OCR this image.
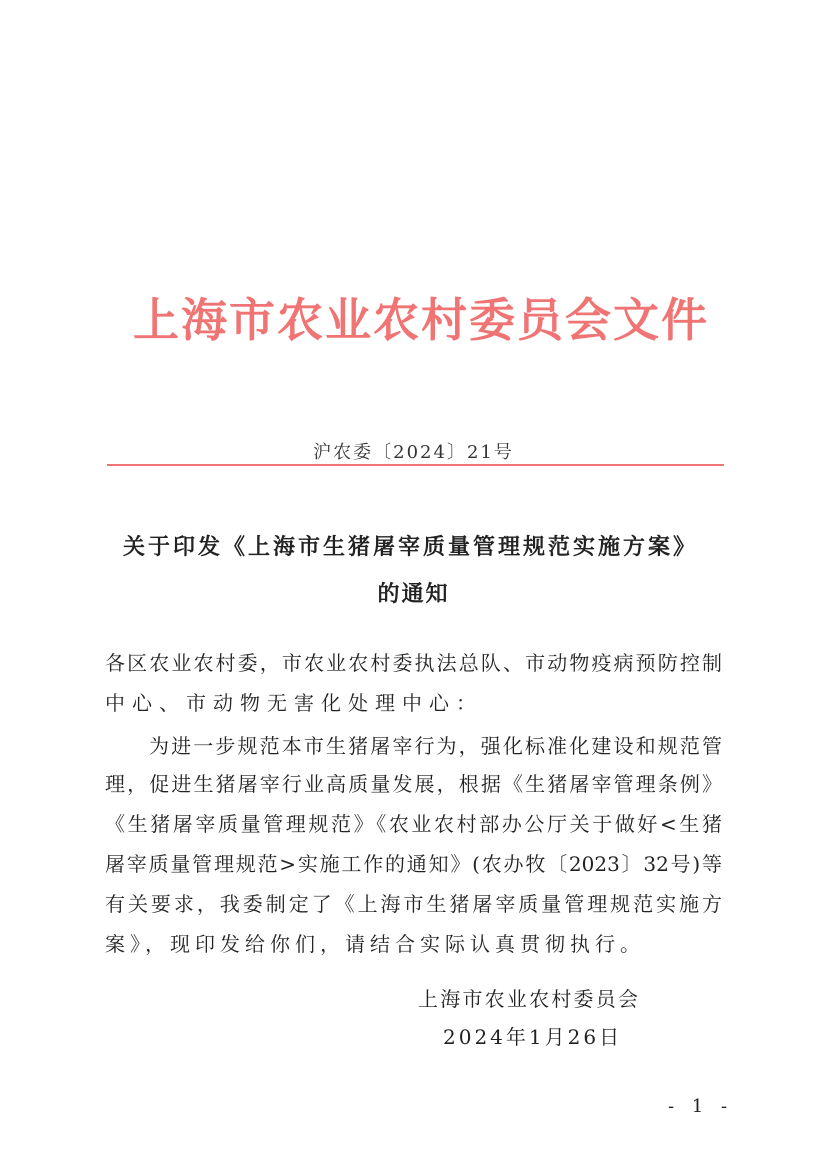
上海市农业农村委员会文件
沪农委〔2024〕21号
关于印发《上海市生猪屠宰质量管理规范实施方案》
的通知
各区农业农村委，市农业农村委执法总队、市动物疫病预防控制
中心、市动物无害化处理中心：
为进一步规范本市生猪屠宰行为，强化标准化建设和规范管
理，促进生猪屠宰行业高质量发展，根据《生猪屠宰管理条例》
《生猪屠宰质量管理规范》《农业农村部办公厅关于做好<生猪
屠宰质量管理规范>实施工作的通知》(农办牧〔2023〕32号)等
有关要求，我委制定了《上海市生猪屠宰质量管理规范实施方
案》，现印发给你们，请结合实际认真贯彻执行。
上海市农业农村委员会
2024年1月26日
- 1 -
